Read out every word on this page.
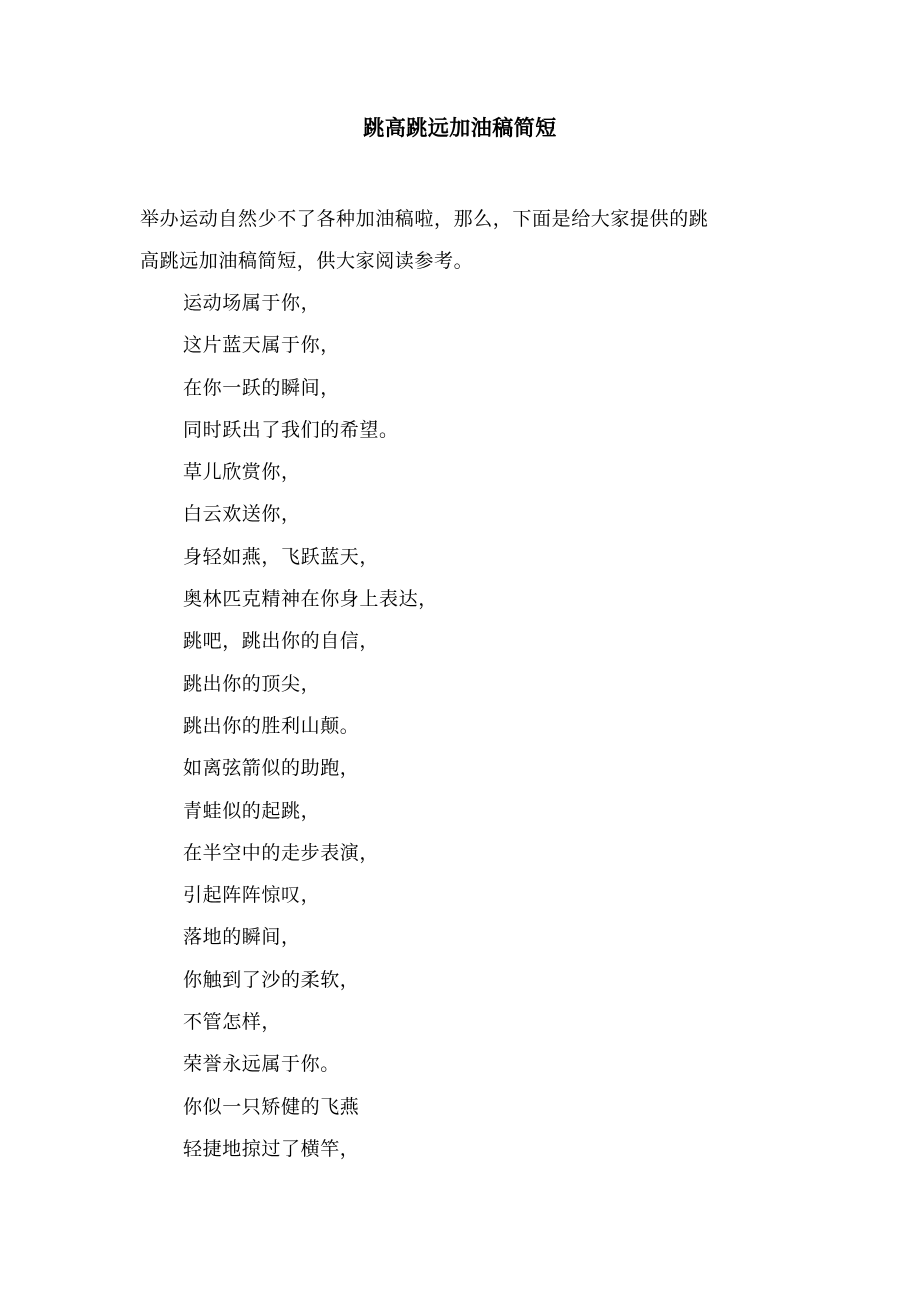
跳高跳远加油稿简短
举办运动自然少不了各种加油稿啦，那么，下面是给大家提供的跳
高跳远加油稿简短，供大家阅读参考。
运动场属于你，
这片蓝天属于你，
在你一跃的瞬间，
同时跃出了我们的希望。
草儿欣赏你，
白云欢送你，
身轻如燕，飞跃蓝天，
奥林匹克精神在你身上表达，
跳吧，跳出你的自信，
跳出你的顶尖，
跳出你的胜利山颠。
如离弦箭似的助跑，
青蛙似的起跳，
在半空中的走步表演，
引起阵阵惊叹，
落地的瞬间，
你触到了沙的柔软，
不管怎样，
荣誉永远属于你。
你似一只矫健的飞燕
轻捷地掠过了横竿，
